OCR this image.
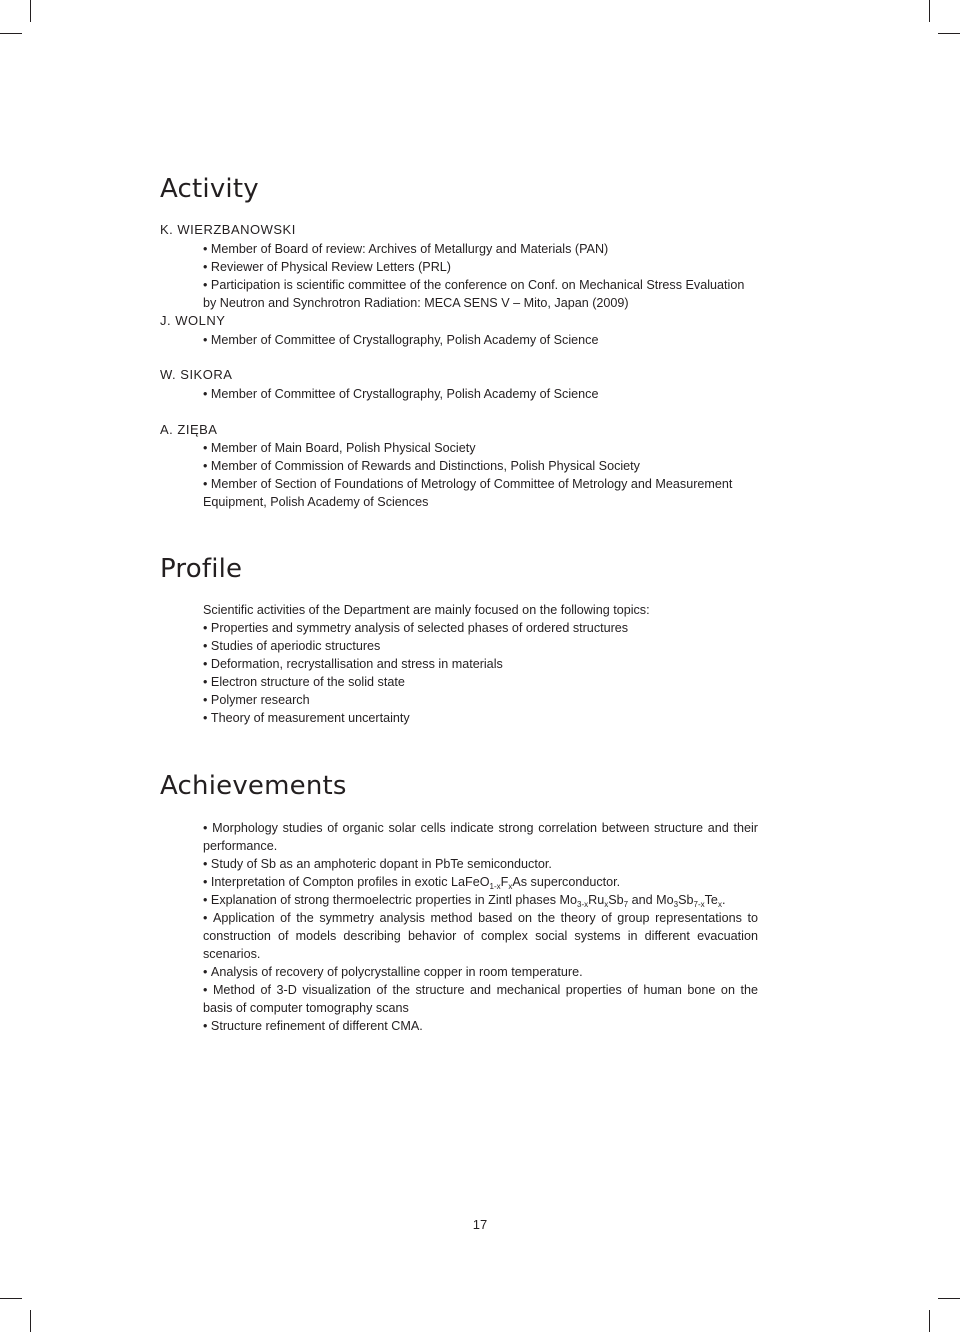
Activity
K. WIERZBANOWSKI
• Member of Board of review: Archives of Metallurgy and Materials (PAN)
• Reviewer of Physical Review Letters (PRL)
• Participation is scientific committee of the conference on Conf. on Mechanical Stress Evaluation by Neutron and Synchrotron Radiation: MECA SENS V – Mito, Japan (2009)
J. WOLNY
• Member of Committee of Crystallography, Polish Academy of Science
W. SIKORA
• Member of Committee of Crystallography, Polish Academy of Science
A. ZIĘBA
• Member of Main Board, Polish Physical Society
• Member of Commission of Rewards and Distinctions, Polish Physical Society
• Member of Section of Foundations of Metrology of Committee of Metrology and Measurement Equipment, Polish Academy of Sciences
Profile

Scientific activities of the Department are mainly focused on the following topics:

• Properties and symmetry analysis of selected phases of ordered structures
• Studies of aperiodic structures
• Deformation, recrystallisation and stress in materials
• Electron structure of the solid state
• Polymer research
• Theory of measurement uncertainty
Achievements
• Morphology studies of organic solar cells indicate strong correlation between structure and their performance.
• Study of Sb as an amphoteric dopant in PbTe semiconductor.
• Interpretation of Compton profiles in exotic $LaFeO_{1-x}F_xAs$ superconductor.
• Explanation of strong thermoelectric properties in Zintl phases $Mo_{3-x}Ru_xSb_7$ and $Mo_3Sb_{7-x}Te_x$.
• Application of the symmetry analysis method based on the theory of group representations to construction of models describing behavior of complex social systems in different evacuation scenarios.
• Analysis of recovery of polycrystalline copper in room temperature.
• Method of 3-D visualization of the structure and mechanical properties of human bone on the basis of computer tomography scans
• Structure refinement of different CMA.
17
